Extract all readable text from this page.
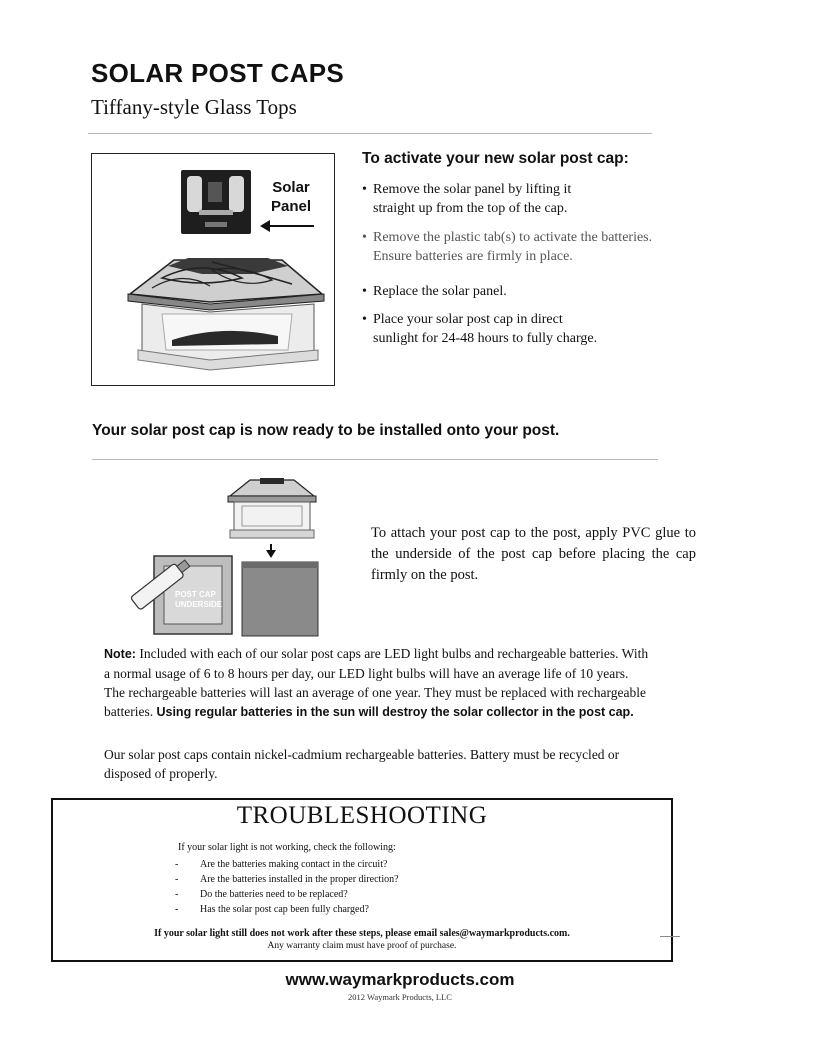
SOLAR POST CAPS
Tiffany-style Glass Tops
Solar
Panel
To activate your new solar post cap:
• Remove the solar panel by lifting it
straight up from the top of the cap.
• Remove the plastic tab(s) to activate the batteries.
Ensure batteries are firmly in place.
• Replace the solar panel.
• Place your solar post cap in direct
sunlight for 24-48 hours to fully charge.
Your solar post cap is now ready to be installed onto your post.
POST CAP
UNDERSIDE
To attach your post cap to the post, apply PVC glue to the underside of the post cap before placing the cap firmly on the post.
Note: Included with each of our solar post caps are LED light bulbs and rechargeable batteries. With a normal usage of 6 to 8 hours per day, our LED light bulbs will have an average life of 10 years. The rechargeable batteries will last an average of one year. They must be replaced with rechargeable batteries. Using regular batteries in the sun will destroy the solar collector in the post cap.
Our solar post caps contain nickel-cadmium rechargeable batteries. Battery must be recycled or disposed of properly.
TROUBLESHOOTING
If your solar light is not working, check the following:
- Are the batteries making contact in the circuit?
- Are the batteries installed in the proper direction?
- Do the batteries need to be replaced?
- Has the solar post cap been fully charged?
If your solar light still does not work after these steps, please email sales@waymarkproducts.com.
Any warranty claim must have proof of purchase.
www.waymarkproducts.com
2012 Waymark Products, LLC
